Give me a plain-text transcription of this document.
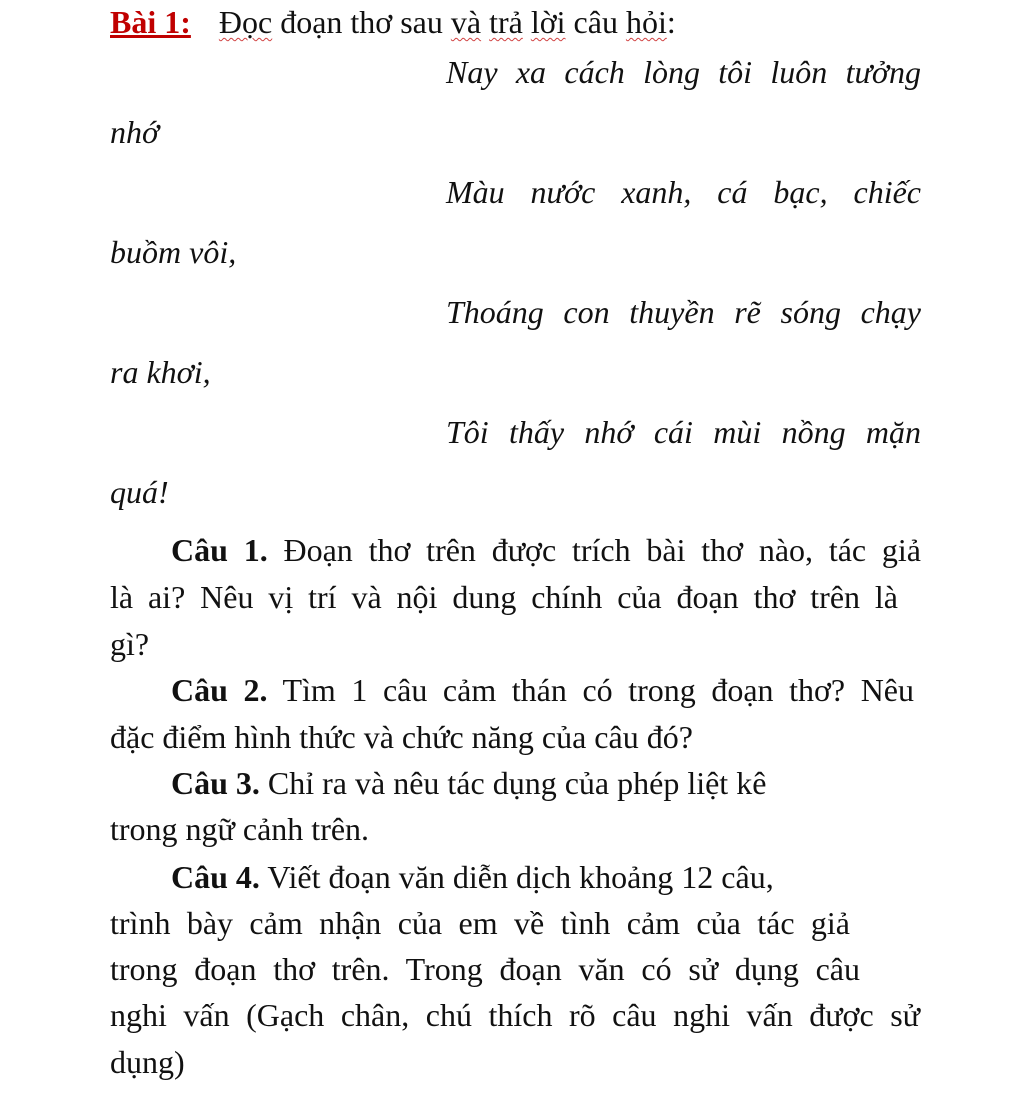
Bài 1: Đọc đoạn thơ sau và trả lời câu hỏi:
Nay xa cách lòng tôi luôn tưởng
nhớ
Màu nước xanh, cá bạc, chiếc
buồm vôi,
Thoáng con thuyền rẽ sóng chạy
ra khơi,
Tôi thấy nhớ cái mùi nồng mặn
quá!
Câu 1. Đoạn thơ trên được trích bài thơ nào, tác giả
là ai? Nêu vị trí và nội dung chính của đoạn thơ trên là
gì?
Câu 2. Tìm 1 câu cảm thán có trong đoạn thơ? Nêu
đặc điểm hình thức và chức năng của câu đó?
Câu 3. Chỉ ra và nêu tác dụng của phép liệt kê
trong ngữ cảnh trên.
Câu 4. Viết đoạn văn diễn dịch khoảng 12 câu,
trình bày cảm nhận của em về tình cảm của tác giả
trong đoạn thơ trên. Trong đoạn văn có sử dụng câu
nghi vấn (Gạch chân, chú thích rõ câu nghi vấn được sử
dụng)
